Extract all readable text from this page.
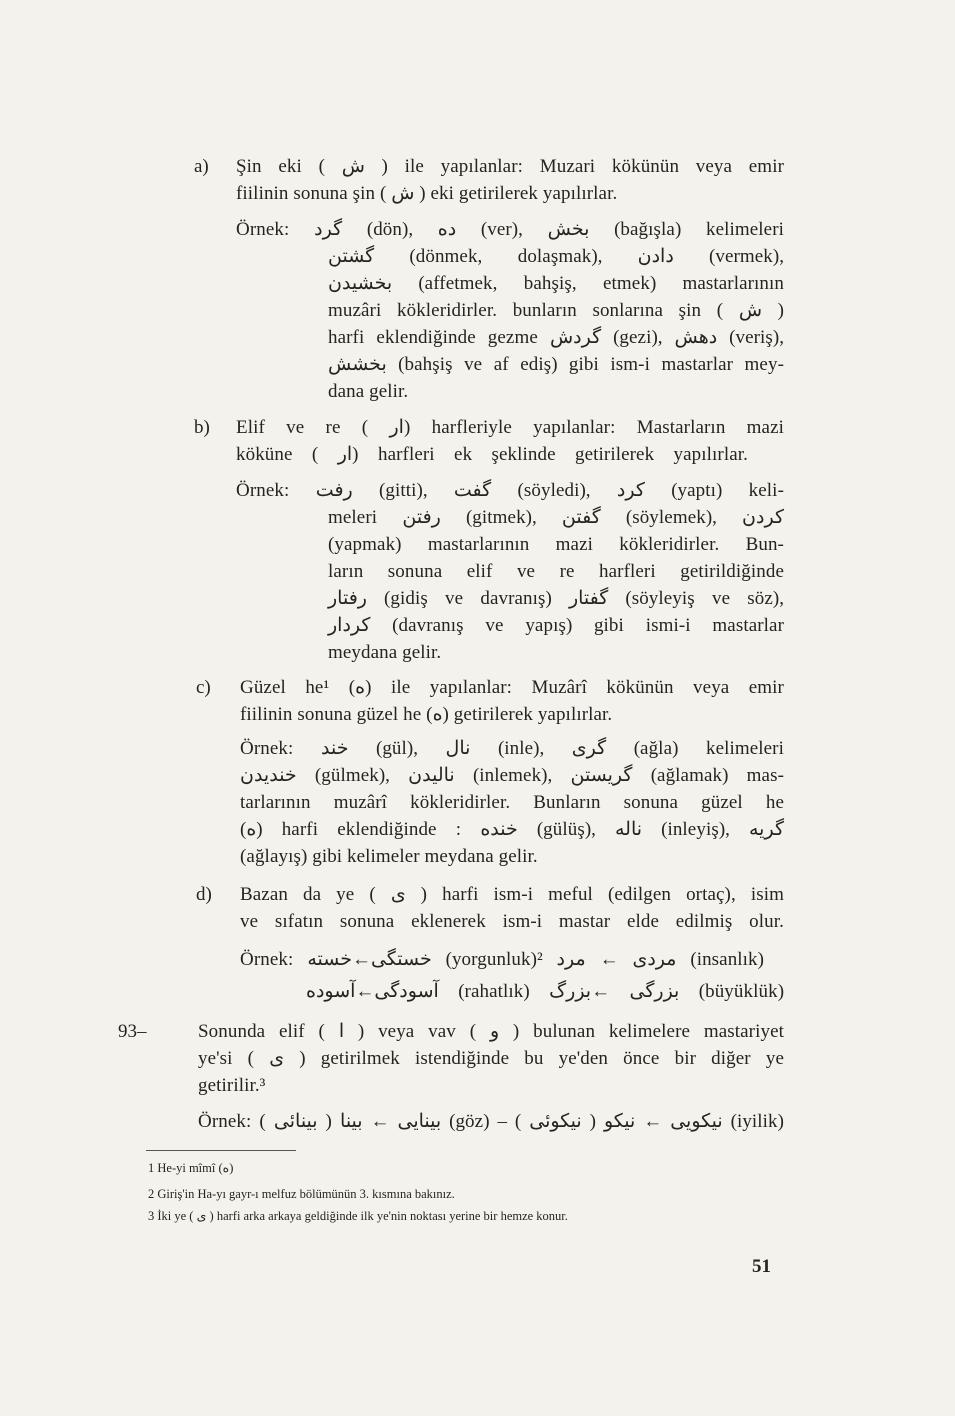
a) Şin eki ( ش ) ile yapılanlar: Muzari kökünün veya emir
fiilinin sonuna şin ( ش ) eki getirilerek yapılırlar.
Örnek: گرد (dön), ده (ver), بخش (bağışla) kelimeleri
گشتن (dönmek, dolaşmak), دادن (vermek),
بخشیدن (affetmek, bahşiş, etmek) mastarlarının
muzâri kökleridirler. bunların sonlarına şin ( ش )
harfi eklendiğinde gezme گردش (gezi), دهش (veriş),
بخشش (bahşiş ve af ediş) gibi ism-i mastarlar mey-
dana gelir.
b) Elif ve re ( ار) harfleriyle yapılanlar: Mastarların mazi
köküne ( ار) harfleri ek şeklinde getirilerek yapılırlar.
Örnek: رفت (gitti), گفت (söyledi), کرد (yaptı) keli-
meleri رفتن (gitmek), گفتن (söylemek), کردن
(yapmak) mastarlarının mazi kökleridirler. Bun-
ların sonuna elif ve re harfleri getirildiğinde
رفتار (gidiş ve davranış) گفتار (söyleyiş ve söz),
کردار (davranış ve yapış) gibi ismi-i mastarlar
meydana gelir.
c) Güzel he¹ (ه) ile yapılanlar: Muzârî kökünün veya emir
fiilinin sonuna güzel he (ه) getirilerek yapılırlar.
Örnek: خند (gül), نال (inle), گری (ağla) kelimeleri
خندیدن (gülmek), نالیدن (inlemek), گریستن (ağlamak) mas-
tarlarının muzârî kökleridirler. Bunların sonuna güzel he
(ه) harfi eklendiğinde : خنده (gülüş), ناله (inleyiş), گریه
(ağlayış) gibi kelimeler meydana gelir.
d) Bazan da ye ( ی ) harfi ism-i meful (edilgen ortaç), isim
ve sıfatın sonuna eklenerek ism-i mastar elde edilmiş olur.
Örnek: خستگی←خسته (yorgunluk)² مردی ← مرد (insanlık)
آسودگی←آسوده (rahatlık) بزرگی ←بزرگ (büyüklük)
93–	Sonunda elif ( ا ) veya vav ( و ) bulunan kelimelere mastariyet
ye'si ( ی ) getirilmek istendiğinde bu ye'den önce bir diğer ye
getirilir.³
Örnek: ( بینائی ) بینایی ← بینا (göz) – ( نیکوئی ) نیکویی ← نیکو (iyilik)
1 He-yi mîmî (ه)
2 Giriş'in Ha-yı gayr-ı melfuz bölümünün 3. kısmına bakınız.
3 İki ye ( ی ) harfi arka arkaya geldiğinde ilk ye'nin noktası yerine bir hemze konur.
51
